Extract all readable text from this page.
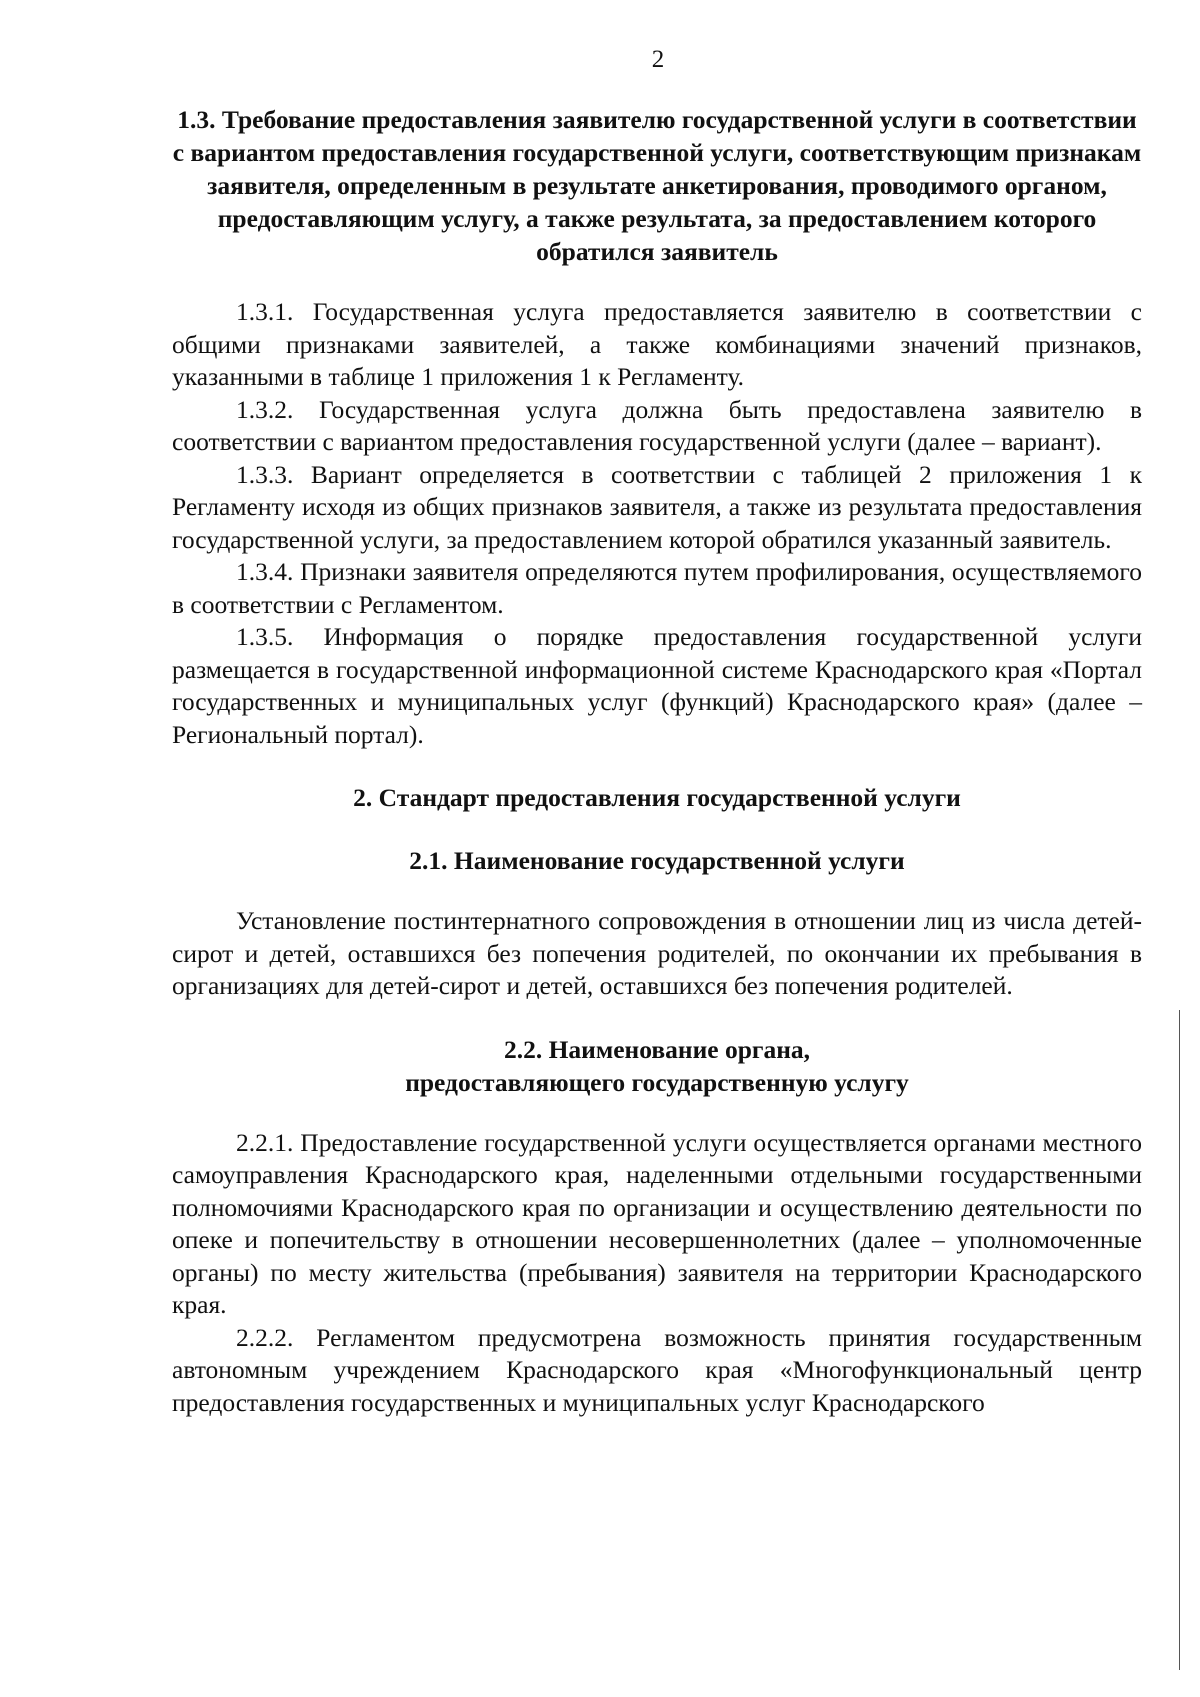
2

1.3. Требование предоставления заявителю государственной услуги в соответствии с вариантом предоставления государственной услуги, соответствующим признакам заявителя, определенным в результате анкетирования, проводимого органом, предоставляющим услугу, а также результата, за предоставлением которого обратился заявитель

1.3.1. Государственная услуга предоставляется заявителю в соответствии с общими признаками заявителей, а также комбинациями значений признаков, указанными в таблице 1 приложения 1 к Регламенту.

1.3.2. Государственная услуга должна быть предоставлена заявителю в соответствии с вариантом предоставления государственной услуги (далее – вариант).

1.3.3. Вариант определяется в соответствии с таблицей 2 приложения 1 к Регламенту исходя из общих признаков заявителя, а также из результата предоставления государственной услуги, за предоставлением которой обратился указанный заявитель.

1.3.4. Признаки заявителя определяются путем профилирования, осуществляемого в соответствии с Регламентом.

1.3.5. Информация о порядке предоставления государственной услуги размещается в государственной информационной системе Краснодарского края «Портал государственных и муниципальных услуг (функций) Краснодарского края» (далее – Региональный портал).

2. Стандарт предоставления государственной услуги

2.1. Наименование государственной услуги

Установление постинтернатного сопровождения в отношении лиц из числа детей-сирот и детей, оставшихся без попечения родителей, по окончании их пребывания в организациях для детей-сирот и детей, оставшихся без попечения родителей.

2.2. Наименование органа,

предоставляющего государственную услугу

2.2.1. Предоставление государственной услуги осуществляется органами местного самоуправления Краснодарского края, наделенными отдельными государственными полномочиями Краснодарского края по организации и осуществлению деятельности по опеке и попечительству в отношении несовершеннолетних (далее – уполномоченные органы) по месту жительства (пребывания) заявителя на территории Краснодарского края.

2.2.2. Регламентом предусмотрена возможность принятия государственным автономным учреждением Краснодарского края «Многофункциональный центр предоставления государственных и муниципальных услуг Краснодарского
